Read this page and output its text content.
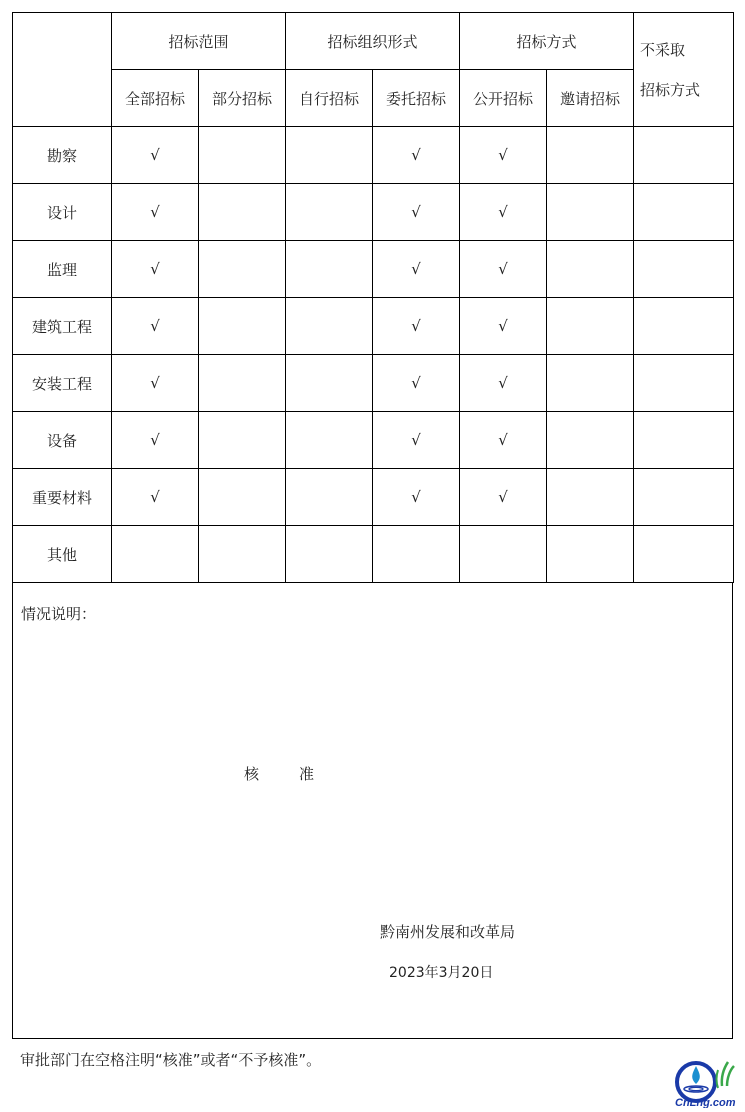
	招标范围		招标组织形式		招标方式		不采取
招标方式

	全部招标	部分招标	自行招标	委托招标	公开招标	邀请招标	
勘察	√			√	√		
设计	√			√	√		
监理	√			√	√		
建筑工程	√			√	√		
安装工程	√			√	√		
设备	√			√	√		
重要材料	√			√	√		
其他							
情况说明：
核	准
黔南州发展和改革局
2023年3月20日
审批部门在空格注明“核准”或者“不予核准”。
CnLng.com
